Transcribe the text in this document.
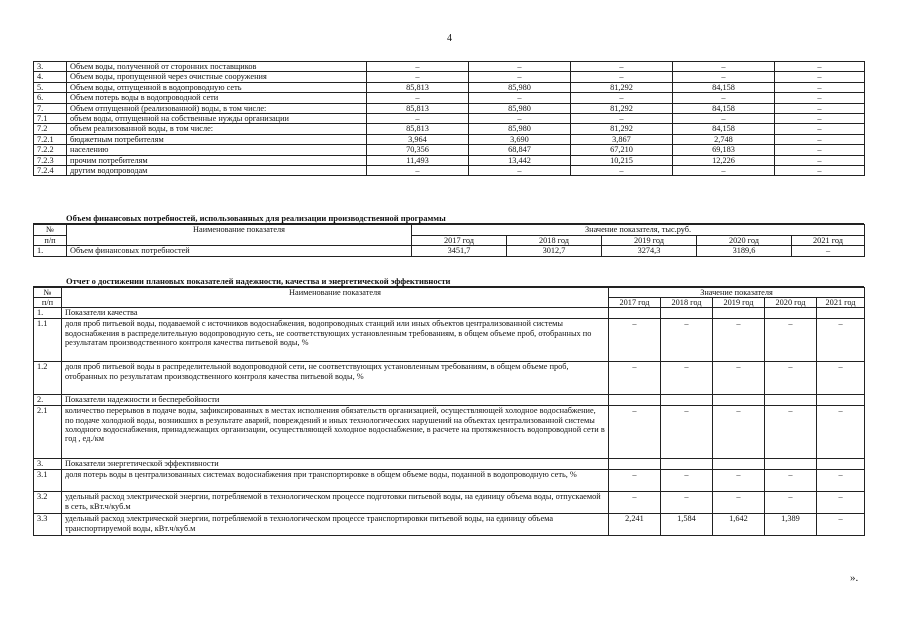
4
3.	Объем воды, полученной от сторонних поставщиков	–	–	–	–	–
4.	Объем воды, пропущенной через очистные сооружения	–	–	–	–	–
5.	Объем воды, отпущенной в водопроводную сеть	85,813	85,980	81,292	84,158	–
6.	Объем потерь воды в водопроводной сети	–	–	–	–	–
7.	Объем отпущенной (реализованной) воды, в том числе:	85,813	85,980	81,292	84,158	–
7.1	объем воды, отпущенной на собственные нужды организации	–	–	–	–	–
7.2	объем реализованной воды, в том числе:	85,813	85,980	81,292	84,158	–
7.2.1	бюджетным потребителям	3,964	3,690	3,867	2,748	–
7.2.2	населению	70,356	68,847	67,210	69,183	–
7.2.3	прочим потребителям	11,493	13,442	10,215	12,226	–
7.2.4	другим водопроводам	–	–	–	–	–
Объем финансовых потребностей, использованных для реализации производственной программы
№	Наименование показателя	Значение показателя, тыс.руб.				
п/п		2017 год	2018 год	2019 год	2020 год	2021 год
1.	Объем финансовых потребностей	3451,7	3012,7	3274,3	3189,6	–
Отчет о достижении плановых показателей надежности, качества и энергетической эффективности
№	Наименование показателя	Значение показателя				
п/п		2017 год	2018 год	2019 год	2020 год	2021 год
1.	Показатели качества					
1.1	доля проб питьевой воды, подаваемой с источников водоснабжения, водопроводных станций или иных объектов централизованной системы водоснабжения в распределительную водопроводную сеть, не соответствующих установленным требованиям, в общем объеме проб, отобранных по результатам производственного контроля качества питьевой воды, %	–	–	–	–	–
1.2	доля проб питьевой воды в распределительной водопроводной сети, не соответствующих установленным требованиям, в общем объеме проб, отобранных по результатам производственного контроля качества питьевой воды, %	–	–	–	–	–
2.	Показатели надежности и бесперебойности					
2.1	количество перерывов в подаче воды, зафиксированных в местах исполнения обязательств организацией, осуществляющей холодное водоснабжение, по подаче холодной воды, возникших в результате аварий, повреждений и иных технологических нарушений на объектах централизованной системы холодного водоснабжения, принадлежащих организации, осуществляющей холодное водоснабжение, в расчете на протяженность водопроводной сети в год , ед./км	–	–	–	–	–
3.	Показатели энергетической эффективности					
3.1	доля потерь воды в централизованных системах водоснабжения при транспортировке в общем объеме воды, поданной в водопроводную сеть, %	–	–	–	–	–
3.2	удельный расход электрической энергии, потребляемой в технологическом процессе подготовки питьевой воды, на единицу объема воды, отпускаемой в сеть, кВт.ч/куб.м	–	–	–	–	–
3.3	удельный расход электрической энергии, потребляемой в технологическом процессе транспортировки питьевой воды, на единицу объема транспортируемой воды, кВт.ч/куб.м	2,241	1,584	1,642	1,389	–
».
